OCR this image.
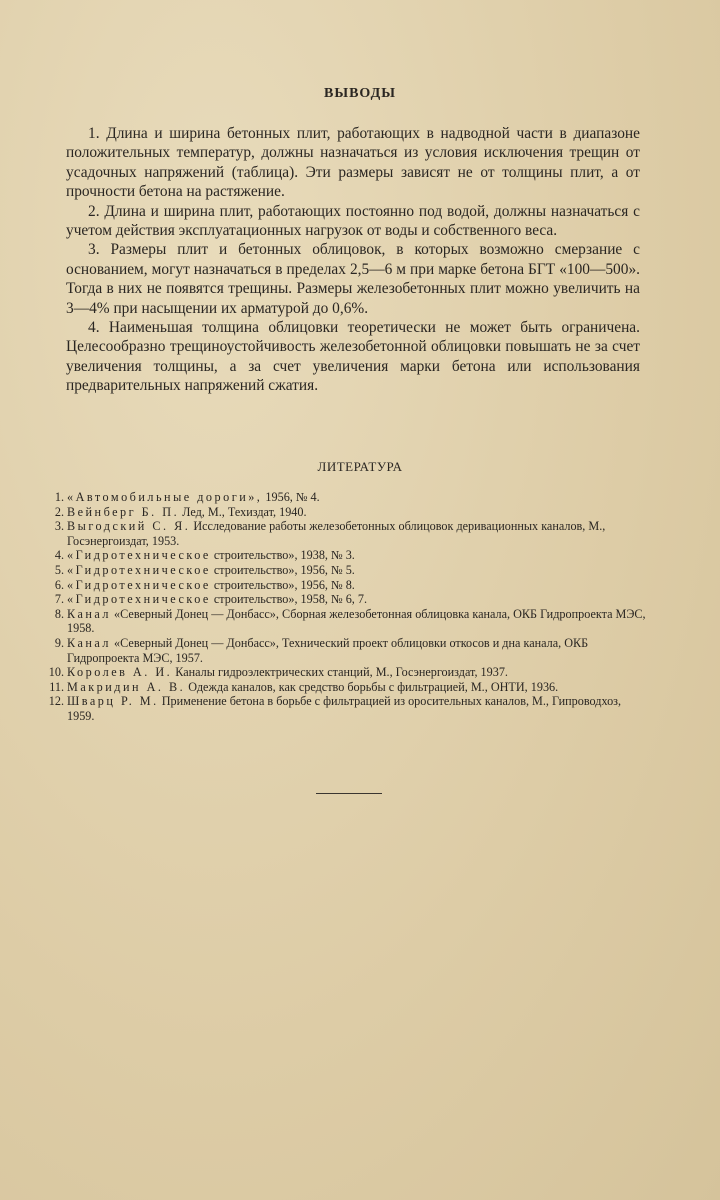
ВЫВОДЫ

1. Длина и ширина бетонных плит, работающих в надводной части в диапазоне положительных температур, должны назначаться из условия исключения трещин от усадочных напряжений (таблица). Эти размеры зависят не от толщины плит, а от прочности бетона на растяжение.

2. Длина и ширина плит, работающих постоянно под водой, должны назначаться с учетом действия эксплуатационных нагрузок от воды и собственного веса.

3. Размеры плит и бетонных облицовок, в которых возможно смерзание с основанием, могут назначаться в пределах 2,5—6 м при марке бетона БГТ «100—500». Тогда в них не появятся трещины. Размеры железобетонных плит можно увеличить на 3—4% при насыщении их арматурой до 0,6%.

4. Наименьшая толщина облицовки теоретически не может быть ограничена. Целесообразно трещиноустойчивость железобетонной облицовки повышать не за счет увеличения толщины, а за счет увеличения марки бетона или использования предварительных напряжений сжатия.

ЛИТЕРАТУРА
1. «Автомобильные дороги», 1956, № 4.
2. Вейнберг Б. П. Лед, М., Техиздат, 1940.
3. Выгодский С. Я. Исследование работы железобетонных облицовок деривационных каналов, М., Госэнергоиздат, 1953.
4. «Гидротехническое строительство», 1938, № 3.
5. «Гидротехническое строительство», 1956, № 5.
6. «Гидротехническое строительство», 1956, № 8.
7. «Гидротехническое строительство», 1958, № 6, 7.
8. Канал «Северный Донец — Донбасс», Сборная железобетонная облицовка канала, ОКБ Гидропроекта МЭС, 1958.
9. Канал «Северный Донец — Донбасс», Технический проект облицовки откосов и дна канала, ОКБ Гидропроекта МЭС, 1957.
10. Королев А. И. Каналы гидроэлектрических станций, М., Госэнергоиздат, 1937.
11. Макридин А. В. Одежда каналов, как средство борьбы с фильтрацией, М., ОНТИ, 1936.
12. Шварц Р. М. Применение бетона в борьбе с фильтрацией из оросительных каналов, М., Гипроводхоз, 1959.
